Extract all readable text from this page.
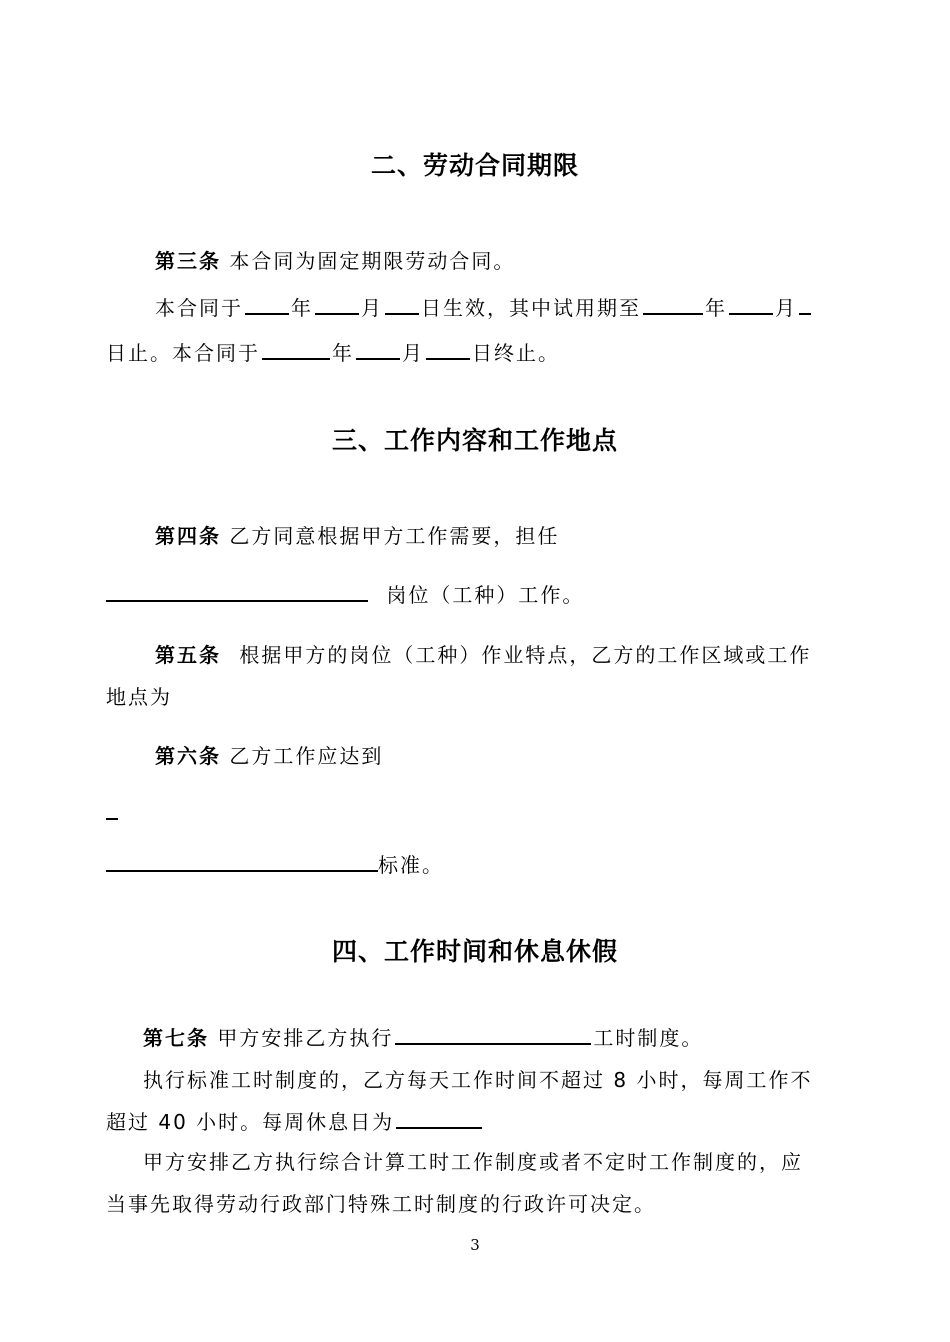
二、劳动合同期限
第三条 本合同为固定期限劳动合同。
本合同于 年 月 日生效，其中试用期至	年 月
日止。本合同于	年 月 日终止。
三、工作内容和工作地点
第四条 乙方同意根据甲方工作需要，担任
岗位（工种）工作。
第五条 根据甲方的岗位（工种）作业特点，乙方的工作区域或工作
地点为
第六条 乙方工作应达到
标准。
四、工作时间和休息休假
第七条 甲方安排乙方执行	工时制度。
执行标准工时制度的，乙方每天工作时间不超过 8 小时，每周工作不
超过 40 小时。每周休息日为
甲方安排乙方执行综合计算工时工作制度或者不定时工作制度的，应
当事先取得劳动行政部门特殊工时制度的行政许可决定。
3
